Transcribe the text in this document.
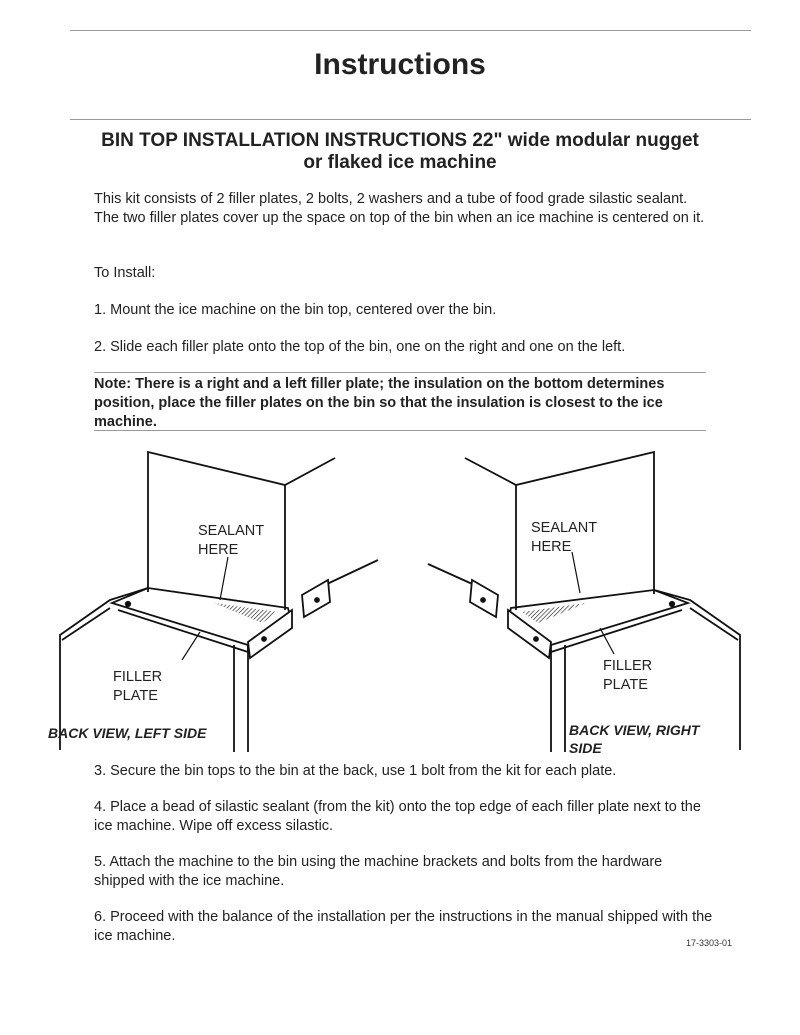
Instructions
BIN TOP INSTALLATION INSTRUCTIONS 22" wide modular nugget or flaked ice machine
This kit consists of 2 filler plates, 2 bolts, 2 washers and a tube of food grade silastic sealant. The two filler plates cover up the space on top of the bin when an ice machine is centered on it.
To Install:
1. Mount the ice machine on the bin top, centered over the bin.
2. Slide each filler plate onto the top of the bin, one on the right and one on the left.
Note: There is a right and a left filler plate; the insulation on the bottom determines position, place the filler plates on the bin so that the insulation is closest to the ice machine.
SEALANT
HERE
FILLER
PLATE
BACK VIEW, LEFT SIDE
SEALANT
HERE
FILLER
PLATE
BACK VIEW, RIGHT SIDE
3. Secure the bin tops to the bin at the back, use 1 bolt from the kit for each plate.
4. Place a bead of silastic sealant (from the kit) onto the top edge of each filler plate next to the ice machine. Wipe off excess silastic.
5. Attach the machine to the bin using the machine brackets and bolts from the hardware shipped with the ice machine.
6. Proceed with the balance of the installation per the instructions in the manual shipped with the ice machine.	17-3303-01
